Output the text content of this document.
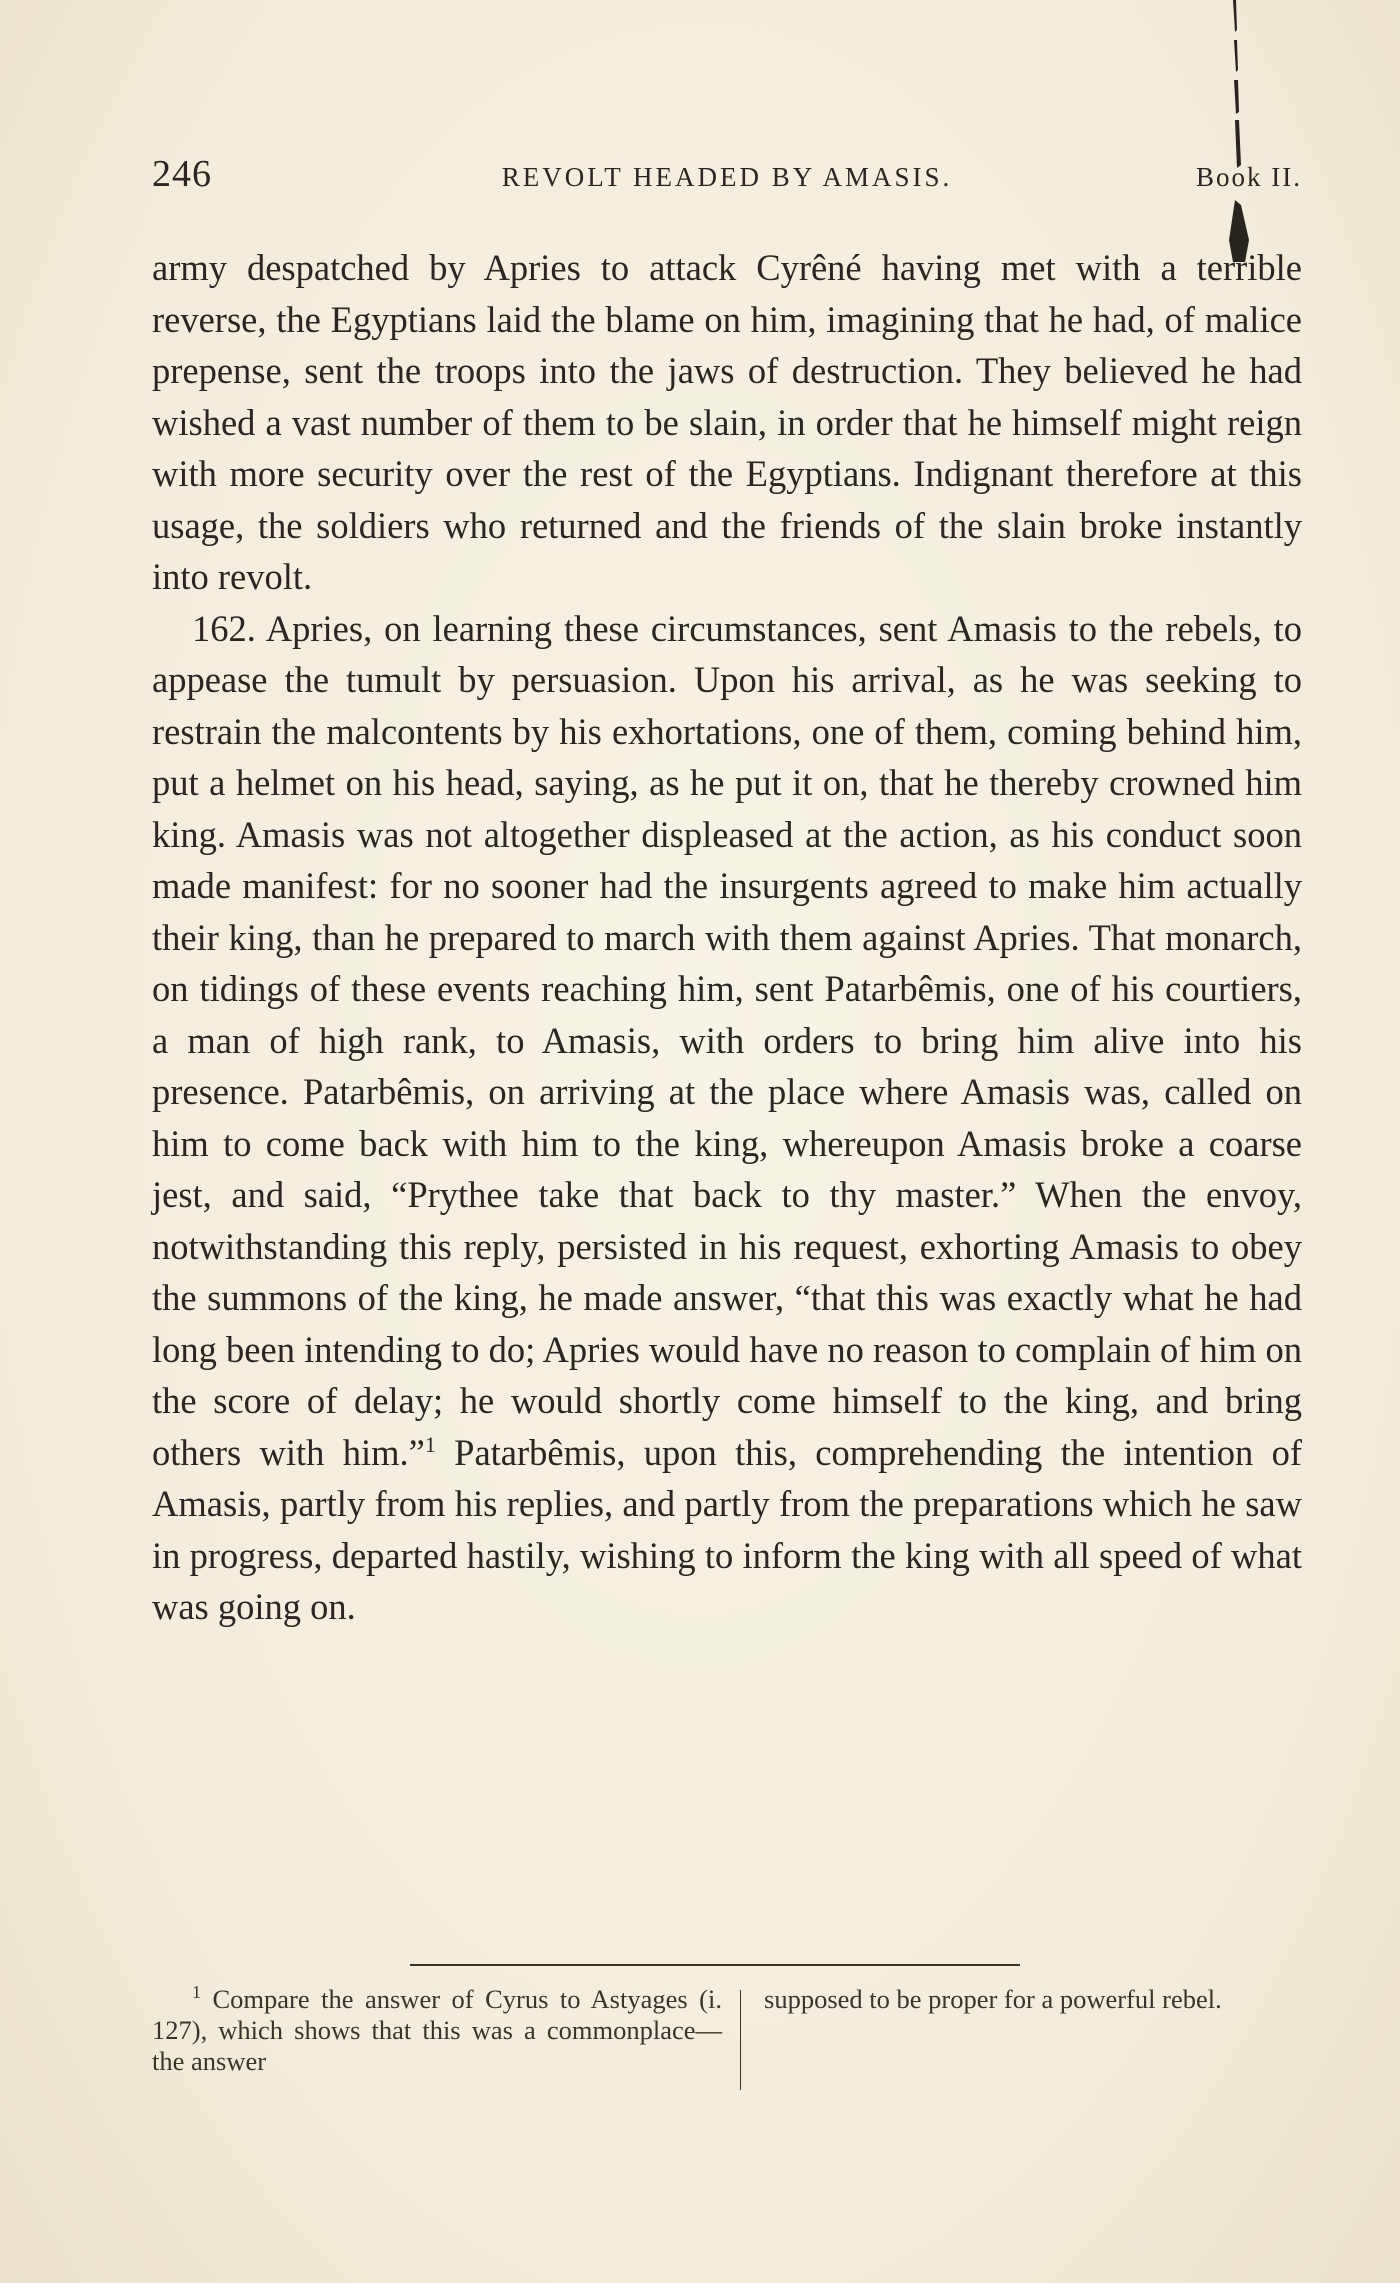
246	REVOLT HEADED BY AMASIS.	Book II.

army despatched by Apries to attack Cyrêné having met with a terrible reverse, the Egyptians laid the blame on him, imagining that he had, of malice prepense, sent the troops into the jaws of destruction. They believed he had wished a vast number of them to be slain, in order that he himself might reign with more security over the rest of the Egyptians. Indignant therefore at this usage, the soldiers who returned and the friends of the slain broke instantly into revolt.

162. Apries, on learning these circumstances, sent Amasis to the rebels, to appease the tumult by persuasion. Upon his arrival, as he was seeking to restrain the malcontents by his exhortations, one of them, coming behind him, put a helmet on his head, saying, as he put it on, that he thereby crowned him king. Amasis was not altogether displeased at the action, as his conduct soon made manifest: for no sooner had the insurgents agreed to make him actually their king, than he prepared to march with them against Apries. That monarch, on tidings of these events reaching him, sent Patarbêmis, one of his courtiers, a man of high rank, to Amasis, with orders to bring him alive into his presence. Patarbêmis, on arriving at the place where Amasis was, called on him to come back with him to the king, whereupon Amasis broke a coarse jest, and said, “Prythee take that back to thy master.” When the envoy, notwithstanding this reply, persisted in his request, exhorting Amasis to obey the summons of the king, he made answer, “that this was exactly what he had long been intending to do; Apries would have no reason to complain of him on the score of delay; he would shortly come himself to the king, and bring others with him.”$^1$ Patarbêmis, upon this, comprehending the intention of Amasis, partly from his replies, and partly from the preparations which he saw in progress, departed hastily, wishing to inform the king with all speed of what was going on.

$^1$ Compare the answer of Cyrus to Astyages (i. 127), which shows that this was a commonplace—the answer
supposed to be proper for a powerful rebel.
